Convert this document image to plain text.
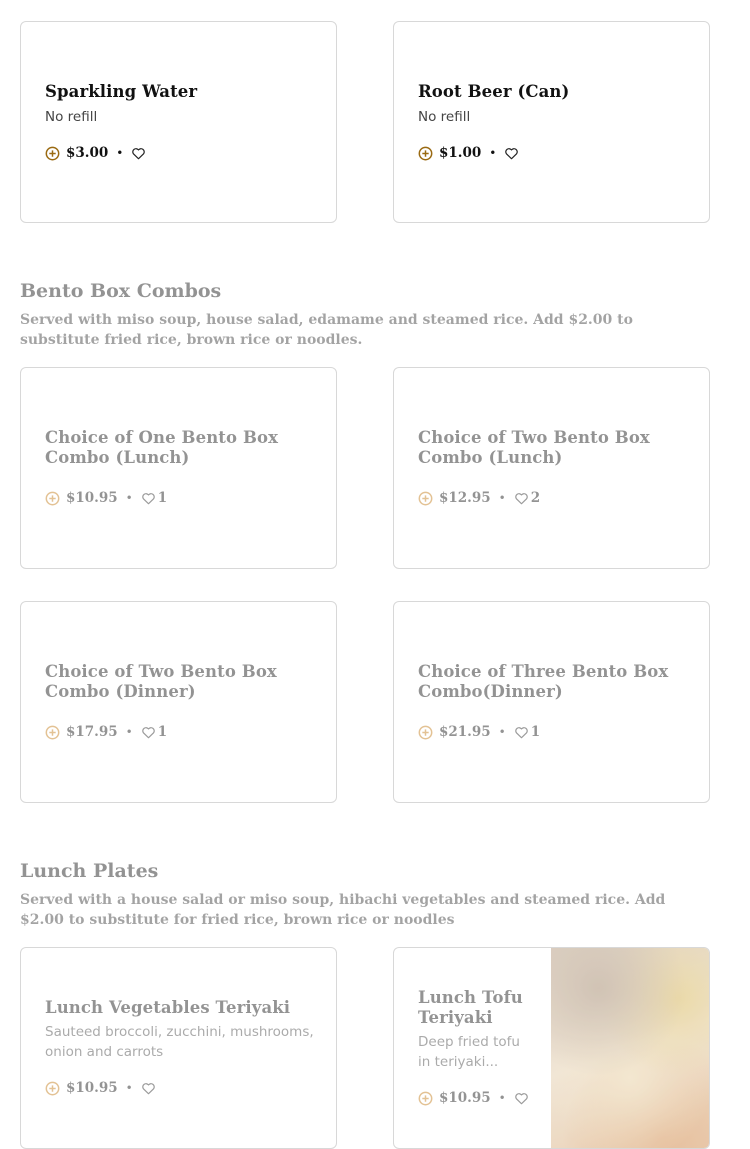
Sparkling Water
No refill
$3.00 •
Root Beer (Can)
No refill
$1.00 •
Bento Box Combos
Served with miso soup, house salad, edamame and steamed rice. Add $2.00 to substitute fried rice, brown rice or noodles.
Choice of One Bento Box Combo (Lunch)
$10.95 • 1
Choice of Two Bento Box Combo (Lunch)
$12.95 • 2
Choice of Two Bento Box Combo (Dinner)
$17.95 • 1
Choice of Three Bento Box Combo(Dinner)
$21.95 • 1
Lunch Plates
Served with a house salad or miso soup, hibachi vegetables and steamed rice. Add $2.00 to substitute for fried rice, brown rice or noodles
Lunch Vegetables Teriyaki
Sauteed broccoli, zucchini, mushrooms, onion and carrots
$10.95 •
Lunch Tofu Teriyaki
Deep fried tofu in teriyaki...
$10.95 •
